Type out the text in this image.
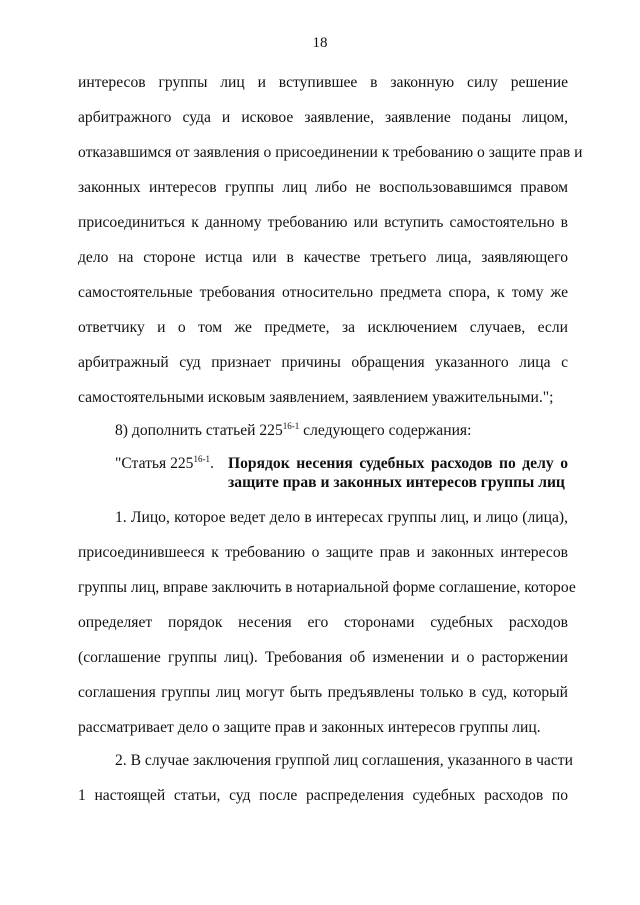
18
интересов группы лиц и вступившее в законную силу решение
арбитражного суда и исковое заявление, заявление поданы лицом,
отказавшимся от заявления о присоединении к требованию о защите прав и
законных интересов группы лиц либо не воспользовавшимся правом
присоединиться к данному требованию или вступить самостоятельно в
дело на стороне истца или в качестве третьего лица, заявляющего
самостоятельные требования относительно предмета спора, к тому же
ответчику и о том же предмете, за исключением случаев, если
арбитражный суд признает причины обращения указанного лица с
самостоятельными исковым заявлением, заявлением уважительными.";
8) дополнить статьей 225$^{16-1}$ следующего содержания:
"Статья 225$^{16-1}$. Порядок несения судебных расходов по делу о
защите прав и законных интересов группы лиц
1. Лицо, которое ведет дело в интересах группы лиц, и лицо (лица),
присоединившееся к требованию о защите прав и законных интересов
группы лиц, вправе заключить в нотариальной форме соглашение, которое
определяет порядок несения его сторонами судебных расходов
(соглашение группы лиц). Требования об изменении и о расторжении
соглашения группы лиц могут быть предъявлены только в суд, который
рассматривает дело о защите прав и законных интересов группы лиц.
2. В случае заключения группой лиц соглашения, указанного в части
1 настоящей статьи, суд после распределения судебных расходов по
